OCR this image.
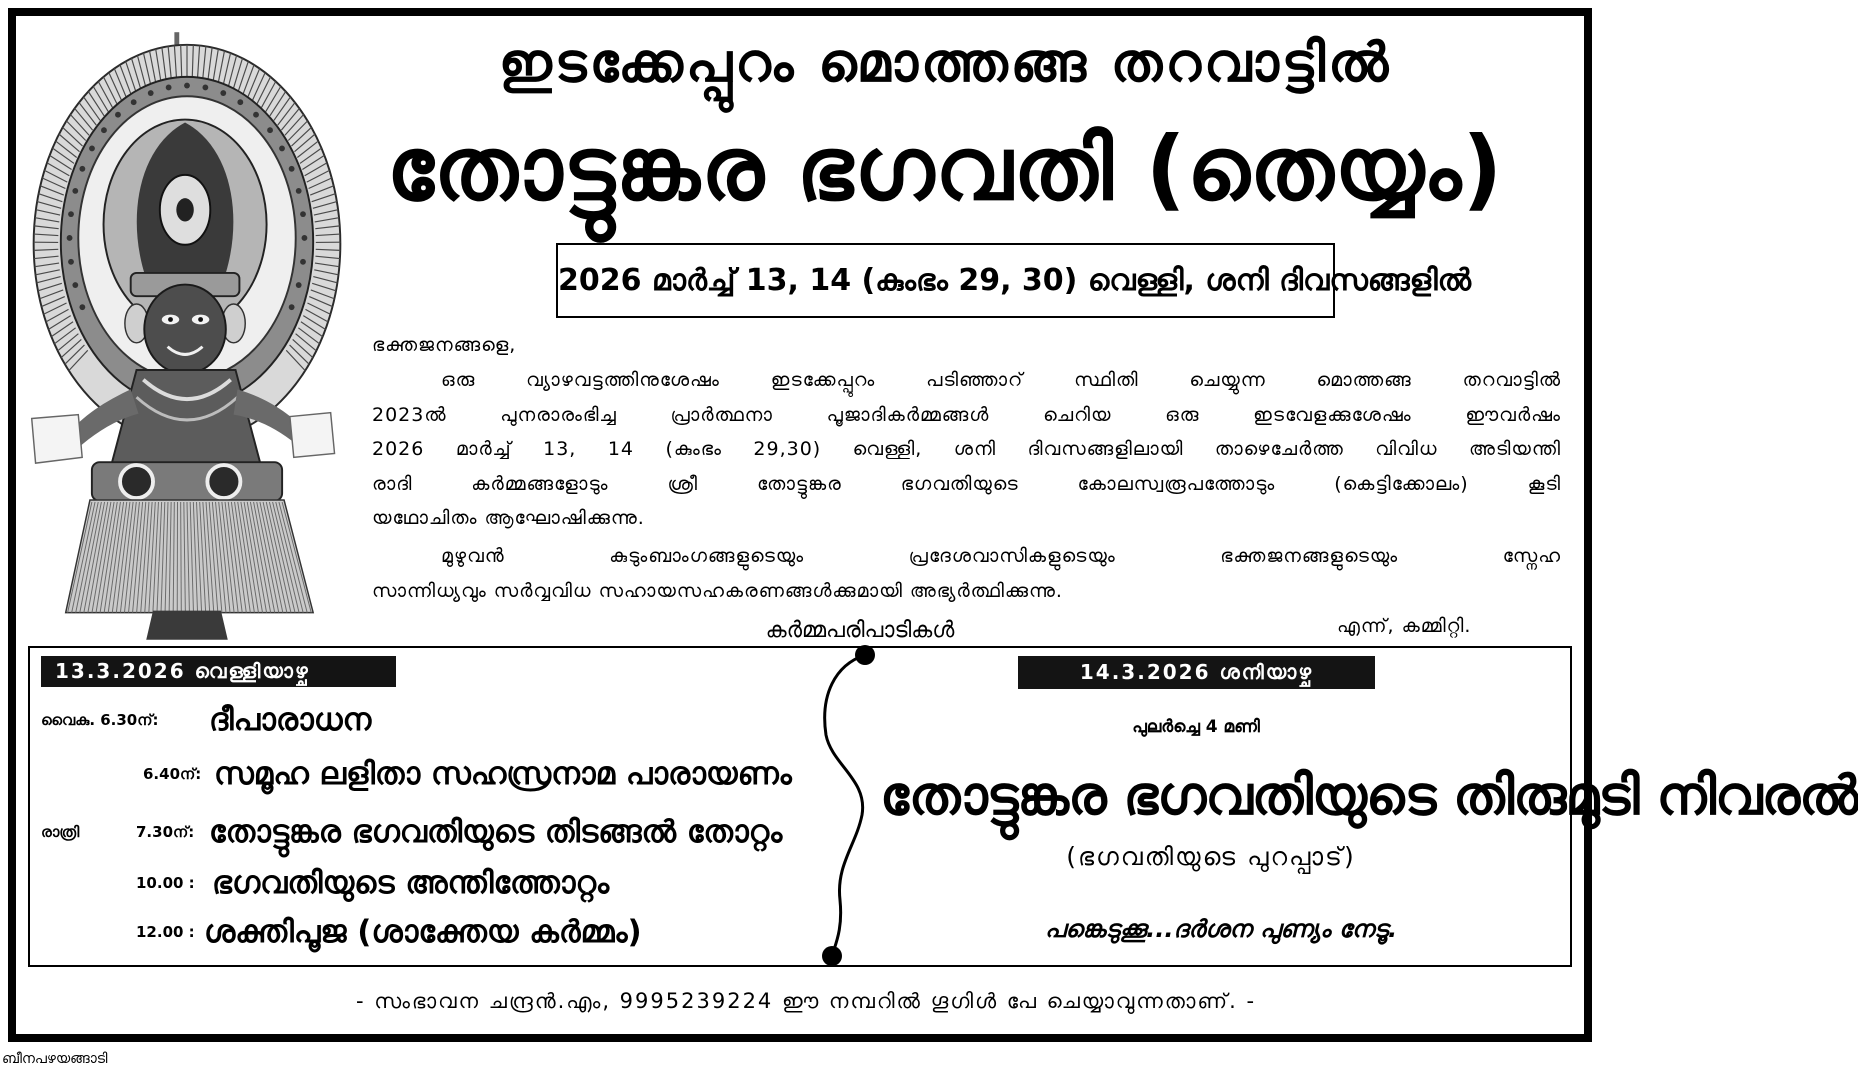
ഇടക്കേപ്പുറം മൊത്തങ്ങ തറവാട്ടിൽ
തോട്ടുങ്കര ഭഗവതി (തെയ്യം)
2026 മാർച്ച് 13, 14 (കുംഭം 29, 30) വെള്ളി, ശനി ദിവസങ്ങളിൽ
ഭക്തജനങ്ങളെ,
ഒരു വ്യാഴവട്ടത്തിനുശേഷം ഇടക്കേപ്പുറം പടിഞ്ഞാറ് സ്ഥിതി ചെയ്യുന്ന മൊത്തങ്ങ തറവാട്ടിൽ
2023ൽ പുനരാരംഭിച്ച പ്രാർത്ഥനാ പൂജാദികർമ്മങ്ങൾ ചെറിയ ഒരു ഇടവേളക്കുശേഷം ഈവർഷം
2026 മാർച്ച് 13, 14 (കുംഭം 29,30) വെള്ളി, ശനി ദിവസങ്ങളിലായി താഴെചേർത്ത വിവിധ അടിയന്തി
രാദി കർമ്മങ്ങളോടും ശ്രീ തോട്ടുങ്കര ഭഗവതിയുടെ കോലസ്വരൂപത്തോടും (കെട്ടിക്കോലം) കൂടി
യഥോചിതം ആഘോഷിക്കുന്നു.
മുഴുവൻ കുടുംബാംഗങ്ങളുടെയും പ്രദേശവാസികളുടെയും ഭക്തജനങ്ങളുടെയും സ്നേഹ
സാന്നിധ്യവും സർവ്വവിധ സഹായസഹകരണങ്ങൾക്കുമായി അഭ്യർത്ഥിക്കുന്നു.
എന്ന്, കമ്മിറ്റി.
കർമ്മപരിപാടികൾ
13.3.2026 വെള്ളിയാഴ്ച
വൈകു. 6.30ന്: ദീപാരാധന
6.40ന്: സമൂഹ ലളിതാ സഹസ്രനാമ പാരായണം
രാത്രി	7.30ന്: തോട്ടുങ്കര ഭഗവതിയുടെ തിടങ്ങൽ തോറ്റം
10.00 : ഭഗവതിയുടെ അന്തിത്തോറ്റം
12.00 : ശക്തിപൂജ (ശാക്തേയ കർമ്മം)
14.3.2026 ശനിയാഴ്ച
പുലർച്ചെ 4 മണി
തോട്ടുങ്കര ഭഗവതിയുടെ തിരുമുടി നിവരൽ
(ഭഗവതിയുടെ പുറപ്പാട്)
പങ്കെടുക്കൂ...ദർശന പുണ്യം നേടൂ.
- സംഭാവന ചന്ദ്രൻ.എം, 9995239224 ഈ നമ്പറിൽ ഗൂഗിൾ പേ ചെയ്യാവുന്നതാണ്. -
ബീനപഴയങ്ങാടി
